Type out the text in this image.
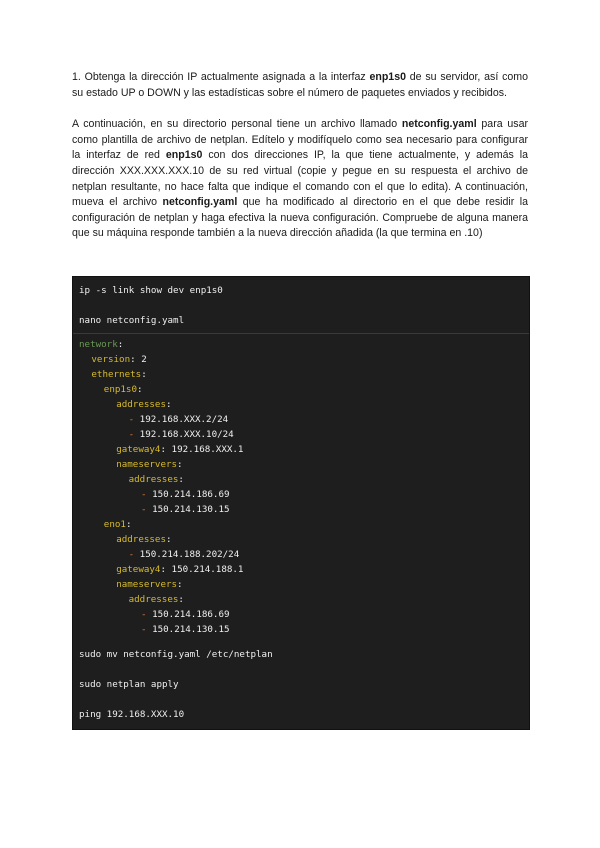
1. Obtenga la dirección IP actualmente asignada a la interfaz enp1s0 de su servidor, así como su estado UP o DOWN y las estadísticas sobre el número de paquetes enviados y recibidos.

A continuación, en su directorio personal tiene un archivo llamado netconfig.yaml para usar como plantilla de archivo de netplan. Edítelo y modifíquelo como sea necesario para configurar la interfaz de red enp1s0 con dos direcciones IP, la que tiene actualmente, y además la dirección XXX.XXX.XXX.10 de su red virtual (copie y pegue en su respuesta el archivo de netplan resultante, no hace falta que indique el comando con el que lo edita). A continuación, mueva el archivo netconfig.yaml que ha modificado al directorio en el que debe residir la configuración de netplan y haga efectiva la nueva configuración. Compruebe de alguna manera que su máquina responde también a la nueva dirección añadida (la que termina en .10)

ip -s link show dev enp1s0
nano netconfig.yaml
network:
version: 2
ethernets:
enp1s0:
addresses:
- 192.168.XXX.2/24
- 192.168.XXX.10/24
gateway4: 192.168.XXX.1
nameservers:
addresses:
- 150.214.186.69
- 150.214.130.15
eno1:
addresses:
- 150.214.188.202/24
gateway4: 150.214.188.1
nameservers:
addresses:
- 150.214.186.69
- 150.214.130.15
sudo mv netconfig.yaml /etc/netplan
sudo netplan apply
ping 192.168.XXX.10
